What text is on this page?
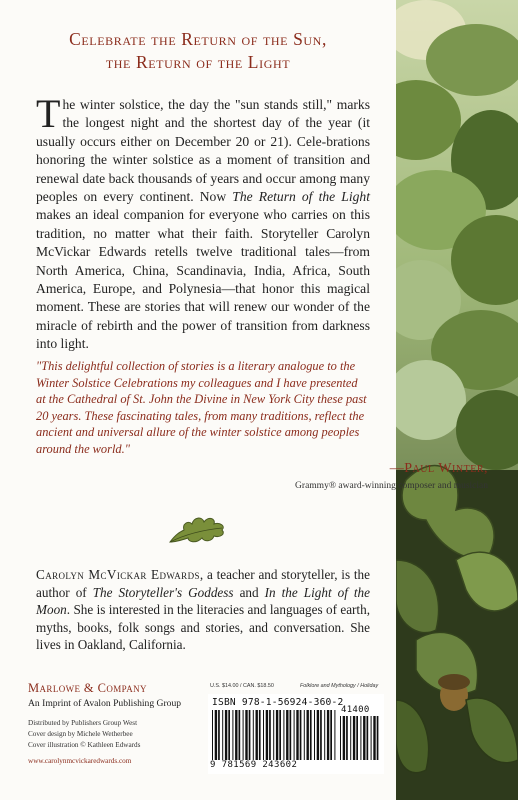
Celebrate the Return of the Sun,
the Return of the Light

The winter solstice, the day the "sun stands still," marks the longest night and the shortest day of the year (it usually occurs either on December 20 or 21). Cele-brations honoring the winter solstice as a moment of transition and renewal date back thousands of years and occur among many peoples on every continent. Now The Return of the Light makes an ideal companion for everyone who carries on this tradition, no matter what their faith. Storyteller Carolyn McVickar Edwards retells twelve traditional tales—from North America, China, Scandinavia, India, Africa, South America, Europe, and Polynesia—that honor this magical moment. These are stories that will renew our wonder of the miracle of rebirth and the power of transition from darkness into light.

"This delightful collection of stories is a literary analogue to the Winter Solstice Celebrations my colleagues and I have presented at the Cathedral of St. John the Divine in New York City these past 20 years. These fascinating tales, from many traditions, reflect the ancient and universal allure of the winter solstice among peoples around the world."

—Paul Winter,
Grammy® award-winning composer and musician

Carolyn McVickar Edwards, a teacher and storyteller, is the author of The Storyteller's Goddess and In the Light of the Moon. She is interested in the literacies and languages of earth, myths, books, folk songs and stories, and conversation. She lives in Oakland, California.

Marlowe & Company
An Imprint of Avalon Publishing Group
Distributed by Publishers Group West
Cover design by Michele Wetherbee
Cover illustration © Kathleen Edwards
www.carolynmcvickaredwards.com
U.S. $14.00 / CAN. $18.50	Folklore and Mythology / Holiday
ISBN 978-1-56924-360-2
41400
9 781569 243602
